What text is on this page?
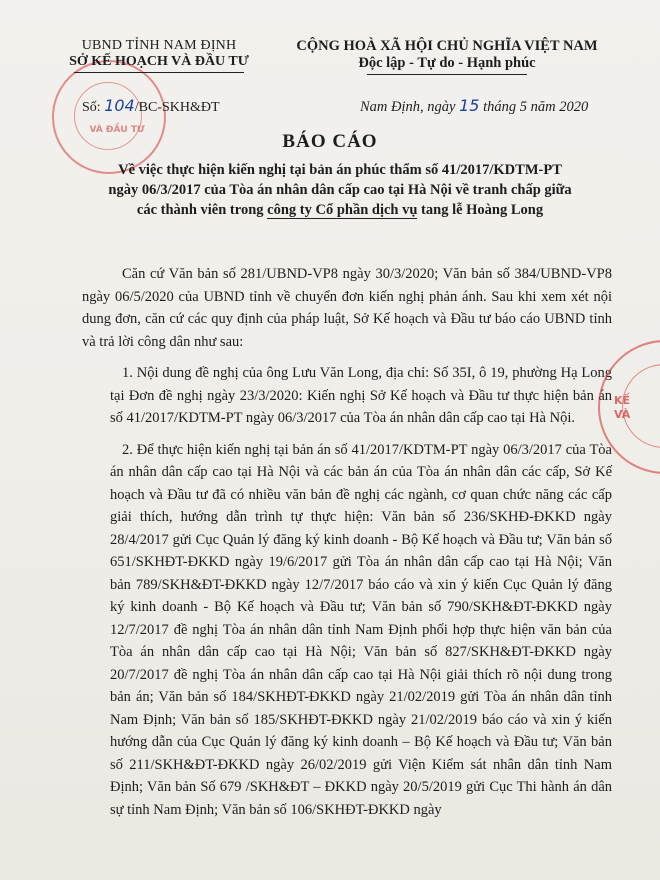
VÀ ĐẦU TƯ
UBND TỈNH NAM ĐỊNH
SỞ KẾ HOẠCH VÀ ĐẦU TƯ
CỘNG HOÀ XÃ HỘI CHỦ NGHĨA VIỆT NAM
Độc lập - Tự do - Hạnh phúc
Số: 104/BC-SKH&ĐT	Nam Định, ngày 15 tháng 5 năm 2020
BÁO CÁO
Về việc thực hiện kiến nghị tại bản án phúc thẩm số 41/2017/KDTM-PT
ngày 06/3/2017 của Tòa án nhân dân cấp cao tại Hà Nội về tranh chấp giữa
các thành viên trong công ty Cổ phần dịch vụ tang lễ Hoàng Long

Căn cứ Văn bản số 281/UBND-VP8 ngày 30/3/2020; Văn bản số 384/UBND-VP8 ngày 06/5/2020 của UBND tỉnh về chuyển đơn kiến nghị phản ánh. Sau khi xem xét nội dung đơn, căn cứ các quy định của pháp luật, Sở Kế hoạch và Đầu tư báo cáo UBND tỉnh và trả lời công dân như sau:

1. Nội dung đề nghị của ông Lưu Văn Long, địa chỉ: Số 35I, ô 19, phường Hạ Long tại Đơn đề nghị ngày 23/3/2020: Kiến nghị Sở Kế hoạch và Đầu tư thực hiện bản án số 41/2017/KDTM-PT ngày 06/3/2017 của Tòa án nhân dân cấp cao tại Hà Nội.

2. Để thực hiện kiến nghị tại bản án số 41/2017/KDTM-PT ngày 06/3/2017 của Tòa án nhân dân cấp cao tại Hà Nội và các bản án của Tòa án nhân dân các cấp, Sở Kế hoạch và Đầu tư đã có nhiều văn bản đề nghị các ngành, cơ quan chức năng các cấp giải thích, hướng dẫn trình tự thực hiện: Văn bản số 236/SKHĐ-ĐKKD ngày 28/4/2017 gửi Cục Quản lý đăng ký kinh doanh - Bộ Kế hoạch và Đầu tư; Văn bản số 651/SKHĐT-ĐKKD ngày 19/6/2017 gửi Tòa án nhân dân cấp cao tại Hà Nội; Văn bản 789/SKH&ĐT-ĐKKD ngày 12/7/2017 báo cáo và xin ý kiến Cục Quản lý đăng ký kinh doanh - Bộ Kế hoạch và Đầu tư; Văn bản số 790/SKH&ĐT-ĐKKD ngày 12/7/2017 đề nghị Tòa án nhân dân tỉnh Nam Định phối hợp thực hiện văn bản của Tòa án nhân dân cấp cao tại Hà Nội; Văn bản số 827/SKH&ĐT-ĐKKD ngày 20/7/2017 đề nghị Tòa án nhân dân cấp cao tại Hà Nội giải thích rõ nội dung trong bản án; Văn bản số 184/SKHĐT-ĐKKD ngày 21/02/2019 gửi Tòa án nhân dân tỉnh Nam Định; Văn bản số 185/SKHĐT-ĐKKD ngày 21/02/2019 báo cáo và xin ý kiến hướng dẫn của Cục Quản lý đăng ký kinh doanh – Bộ Kế hoạch và Đầu tư; Văn bản số 211/SKH&ĐT-ĐKKD ngày 26/02/2019 gửi Viện Kiểm sát nhân dân tỉnh Nam Định; Văn bản Số 679 /SKH&ĐT – ĐKKD ngày 20/5/2019 gửi Cục Thi hành án dân sự tỉnh Nam Định; Văn bản số 106/SKHĐT-ĐKKD ngày

KẾ
VÀ
